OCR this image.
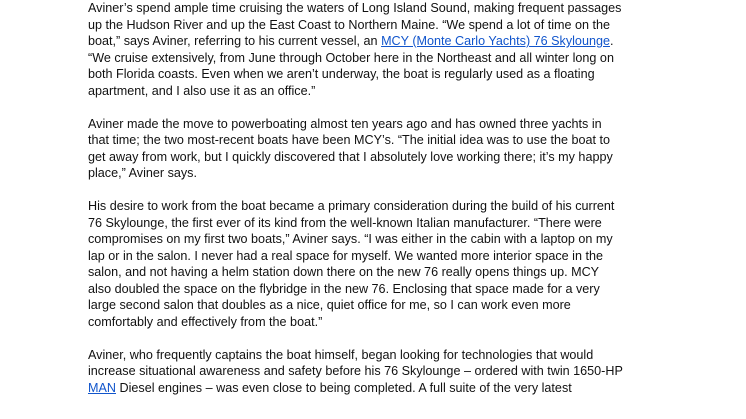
Aviner’s spend ample time cruising the waters of Long Island Sound, making frequent passages
up the Hudson River and up the East Coast to Northern Maine. “We spend a lot of time on the
boat,” says Aviner, referring to his current vessel, an MCY (Monte Carlo Yachts) 76 Skylounge.
“We cruise extensively, from June through October here in the Northeast and all winter long on
both Florida coasts. Even when we aren’t underway, the boat is regularly used as a floating
apartment, and I also use it as an office.”
Aviner made the move to powerboating almost ten years ago and has owned three yachts in
that time; the two most-recent boats have been MCY’s. “The initial idea was to use the boat to
get away from work, but I quickly discovered that I absolutely love working there; it’s my happy
place,” Aviner says.
His desire to work from the boat became a primary consideration during the build of his current
76 Skylounge, the first ever of its kind from the well-known Italian manufacturer. “There were
compromises on my first two boats,” Aviner says. “I was either in the cabin with a laptop on my
lap or in the salon. I never had a real space for myself. We wanted more interior space in the
salon, and not having a helm station down there on the new 76 really opens things up. MCY
also doubled the space on the flybridge in the new 76. Enclosing that space made for a very
large second salon that doubles as a nice, quiet office for me, so I can work even more
comfortably and effectively from the boat.”
Aviner, who frequently captains the boat himself, began looking for technologies that would
increase situational awareness and safety before his 76 Skylounge – ordered with twin 1650-HP
MAN Diesel engines – was even close to being completed. A full suite of the very latest
